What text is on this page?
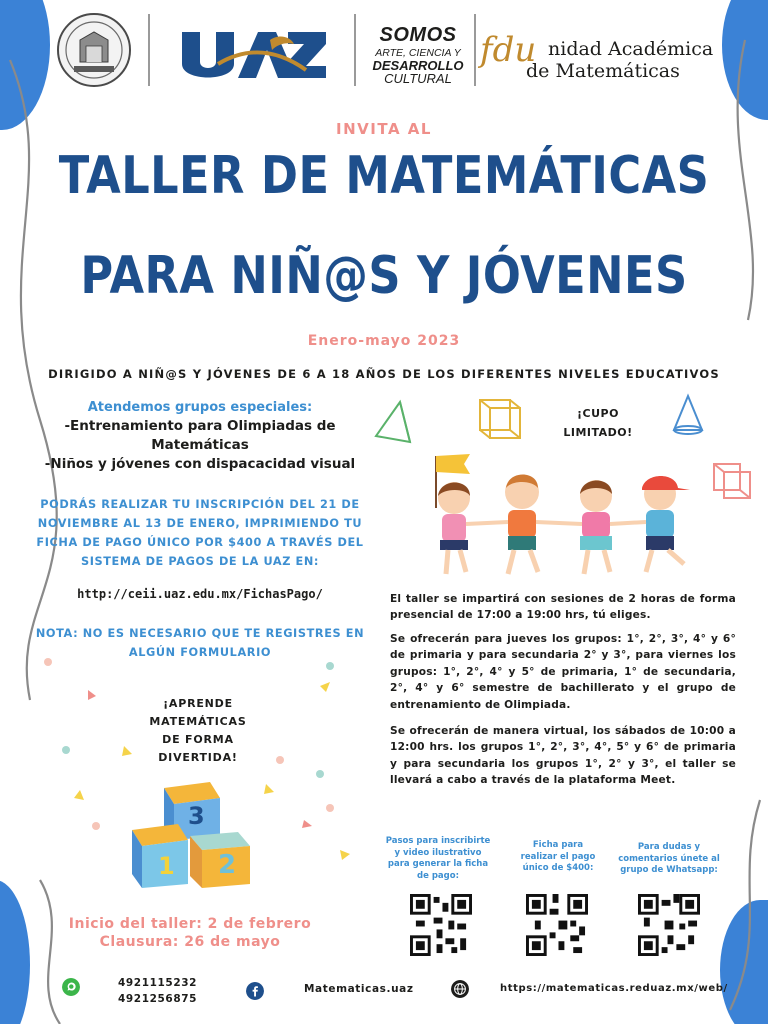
SOMOS
ARTE, CIENCIA Y
DESARROLLO
CULTURAL
fdu nidad Académica
de Matemáticas
INVITA AL
TALLER DE MATEMÁTICAS
PARA NIÑ@S Y JÓVENES
Enero-mayo 2023
DIRIGIDO A NIÑ@S Y JÓVENES DE 6 A 18 AÑOS DE LOS DIFERENTES NIVELES EDUCATIVOS
Atendemos grupos especiales:
-Entrenamiento para Olimpiadas de
Matemáticas
-Niños y jóvenes con dispacacidad visual
PODRÁS REALIZAR TU INSCRIPCIÓN DEL 21 DE
NOVIEMBRE AL 13 DE ENERO, IMPRIMIENDO TU
FICHA DE PAGO ÚNICO POR $400 A TRAVÉS DEL
SISTEMA DE PAGOS DE LA UAZ EN:
http://ceii.uaz.edu.mx/FichasPago/
NOTA: NO ES NECESARIO QUE TE REGISTRES EN
ALGÚN FORMULARIO
¡APRENDE
MATEMÁTICAS
DE FORMA
DIVERTIDA!
3
1 2
Inicio del taller: 2 de febrero
Clausura: 26 de mayo
¡CUPO
LIMITADO!
El taller se impartirá con sesiones de 2 horas de forma presencial de 17:00 a 19:00 hrs, tú eliges.
Se ofrecerán para jueves los grupos: 1°, 2°, 3°, 4° y 6° de primaria y para secundaria 2° y 3°, para viernes los grupos: 1°, 2°, 4° y 5° de primaria, 1° de secundaria, 2°, 4° y 6° semestre de bachillerato y el grupo de entrenamiento de Olimpiada.
Se ofrecerán de manera virtual, los sábados de 10:00 a 12:00 hrs. los grupos 1°, 2°, 3°, 4°, 5° y 6° de primaria y para secundaria los grupos 1°, 2° y 3°, el taller se llevará a cabo a través de la plataforma Meet.
Pasos para inscribirte
y video ilustrativo
para generar la ficha
de pago:
Ficha para
realizar el pago
único de $400:
Para dudas y
comentarios únete al
grupo de Whatsapp:
4921115232
4921256875
Matematicas.uaz	https://matematicas.reduaz.mx/web/
